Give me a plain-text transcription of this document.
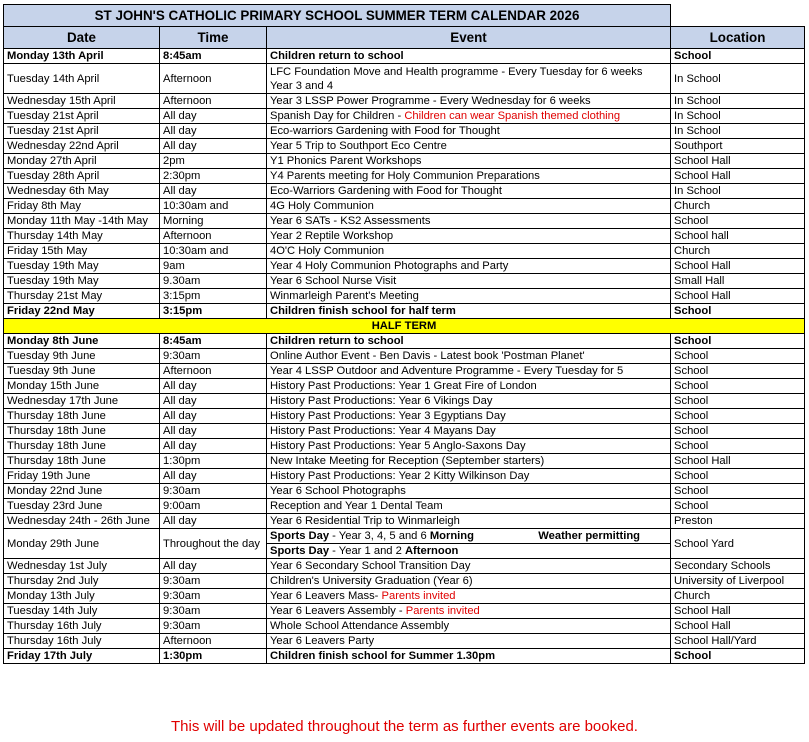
ST JOHN'S CATHOLIC PRIMARY SCHOOL SUMMER TERM CALENDAR 2026			
Date	Time	Event	Location
Monday 13th April	8:45am	Children return to school	School
Tuesday 14th April	Afternoon	LFC Foundation Move and Health programme - Every Tuesday for 6 weeks
Year 3 and 4	In School
Wednesday 15th April	Afternoon	Year 3 LSSP Power Programme - Every Wednesday for 6 weeks	In School
Tuesday 21st April	All day	Spanish Day for Children - Children can wear Spanish themed clothing	In School
Tuesday 21st April	All day	Eco-warriors Gardening with Food for Thought	In School
Wednesday 22nd April	All day	Year 5 Trip to Southport Eco Centre	Southport
Monday 27th April	2pm	Y1 Phonics Parent Workshops	School Hall
Tuesday 28th April	2:30pm	Y4 Parents meeting for Holy Communion Preparations	School Hall
Wednesday 6th May	All day	Eco-Warriors Gardening with Food for Thought	In School
Friday 8th May	10:30am and	4G Holy Communion	Church
Monday 11th May -14th May	Morning	Year 6 SATs - KS2 Assessments	School
Thursday 14th May	Afternoon	Year 2 Reptile Workshop	School hall
Friday 15th May	10:30am and	4O'C Holy Communion	Church
Tuesday 19th May	9am	Year 4 Holy Communion Photographs and Party	School Hall
Tuesday 19th May	9.30am	Year 6 School Nurse Visit	Small Hall
Thursday 21st May	3:15pm	Winmarleigh Parent's Meeting	School Hall
Friday 22nd May	3:15pm	Children finish school for half term	School
HALF TERM			
Monday 8th June	8:45am	Children return to school	School
Tuesday 9th June	9:30am	Online Author Event - Ben Davis - Latest book 'Postman Planet'	School
Tuesday 9th June	Afternoon	Year 4 LSSP Outdoor and Adventure Programme - Every Tuesday for 5	School
Monday 15th June	All day	History Past Productions: Year 1 Great Fire of London	School
Wednesday 17th June	All day	History Past Productions: Year 6 Vikings Day	School
Thursday 18th June	All day	History Past Productions: Year 3 Egyptians Day	School
Thursday 18th June	All day	History Past Productions: Year 4 Mayans Day	School
Thursday 18th June	All day	History Past Productions: Year 5 Anglo-Saxons Day	School
Thursday 18th June	1:30pm	New Intake Meeting for Reception (September starters)	School Hall
Friday 19th June	All day	History Past Productions: Year 2 Kitty Wilkinson Day	School
Monday 22nd June	9:30am	Year 6 School Photographs	School
Tuesday 23rd June	9:00am	Reception and Year 1 Dental Team	School
Wednesday 24th - 26th June	All day	Year 6 Residential Trip to Winmarleigh	Preston
Monday 29th June	Throughout the day	Sports Day - Year 3, 4, 5 and 6 Morning Weather permitting
Sports Day - Year 1 and 2 Afternoon	School Yard
Wednesday 1st July	All day	Year 6 Secondary School Transition Day	Secondary Schools
Thursday 2nd July	9:30am	Children's University Graduation (Year 6)	University of Liverpool
Monday 13th July	9:30am	Year 6 Leavers Mass- Parents invited	Church
Tuesday 14th July	9:30am	Year 6 Leavers Assembly - Parents invited	School Hall
Thursday 16th July	9:30am	Whole School Attendance Assembly	School Hall
Thursday 16th July	Afternoon	Year 6 Leavers Party	School Hall/Yard
Friday 17th July	1:30pm	Children finish school for Summer 1.30pm	School
This will be updated throughout the term as further events are booked.
